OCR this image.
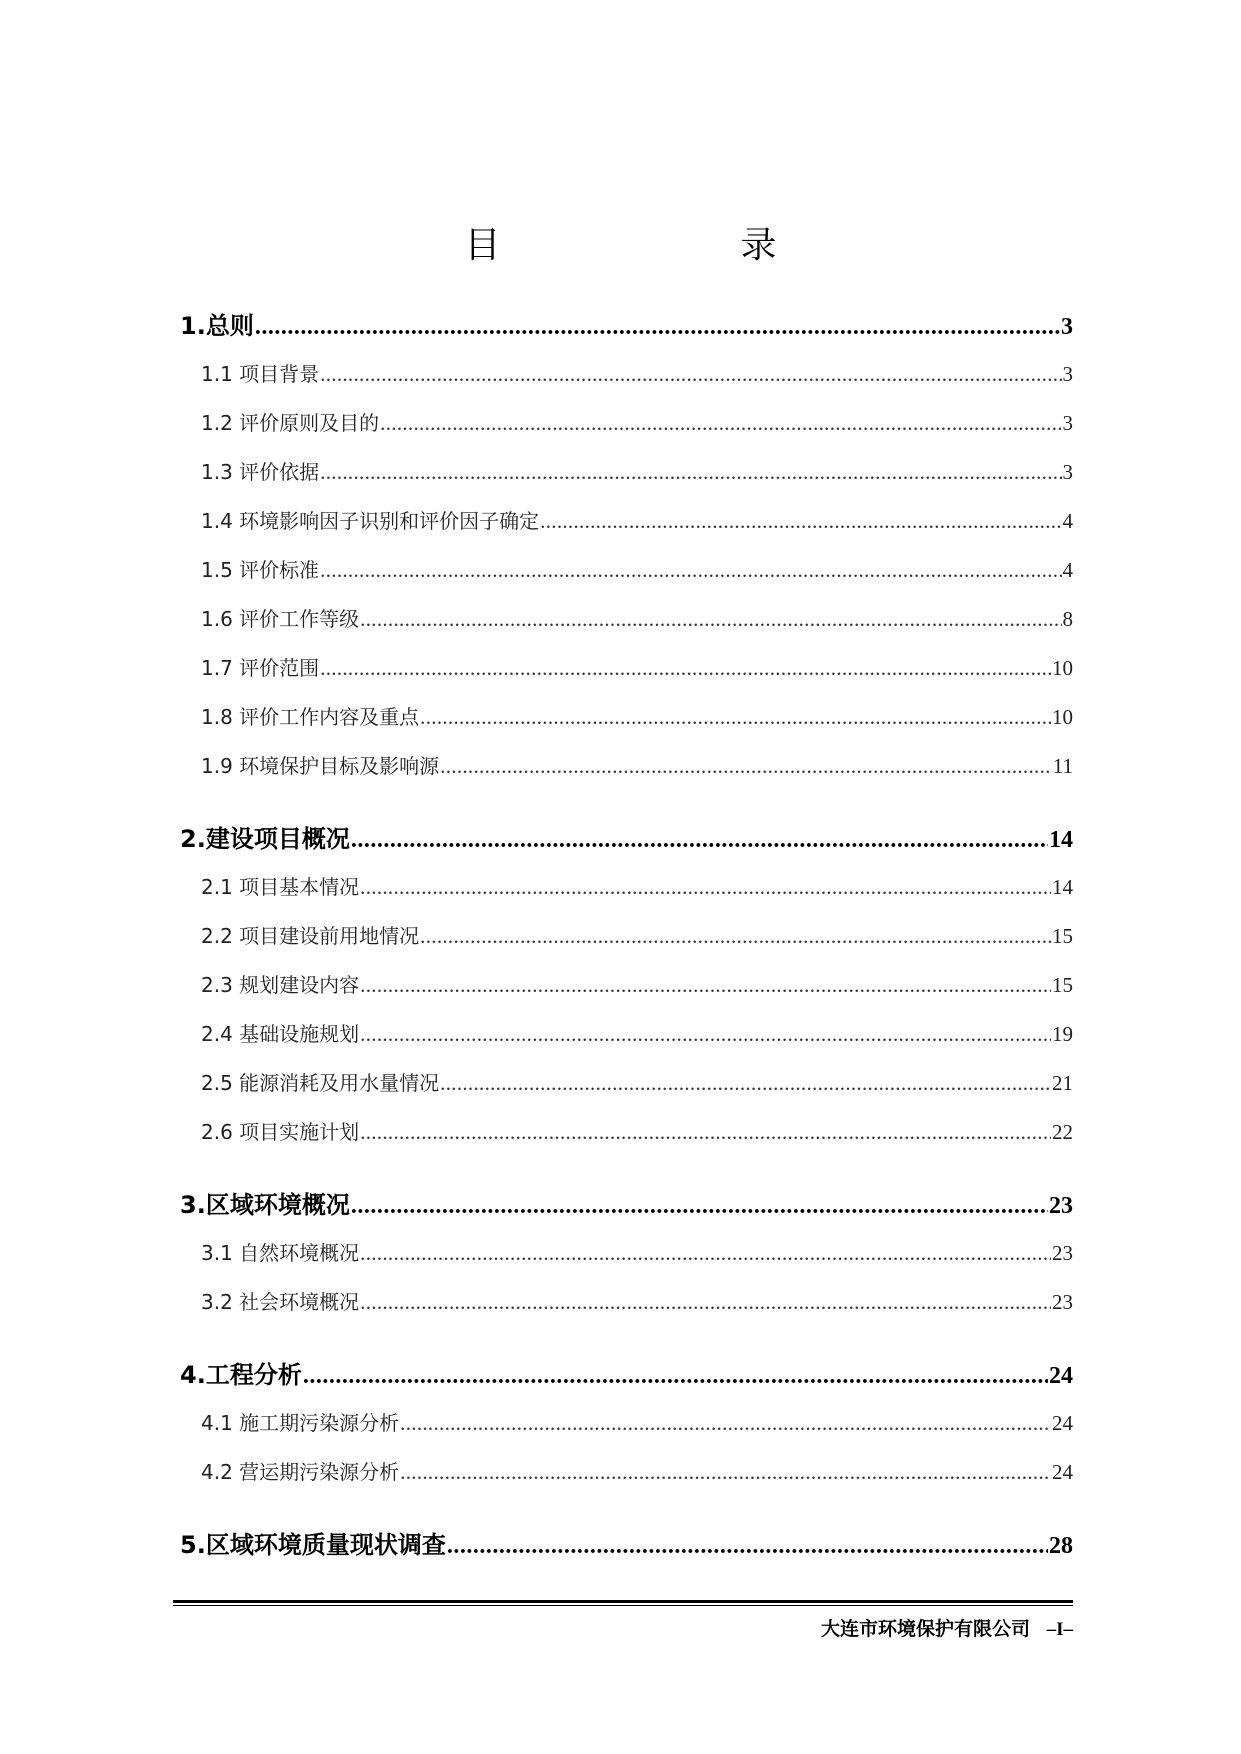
目　　录
1.总则 .....	3
1.1 项目背景 .....	3
1.2 评价原则及目的 .....	3
1.3 评价依据 .....	3
1.4 环境影响因子识别和评价因子确定 .....	4
1.5 评价标准 .....	4
1.6 评价工作等级 .....	8
1.7 评价范围 .....	10
1.8 评价工作内容及重点 .....	10
1.9 环境保护目标及影响源 .....	11
2.建设项目概况 .....	14
2.1 项目基本情况 .....	14
2.2 项目建设前用地情况 .....	15
2.3 规划建设内容 .....	15
2.4 基础设施规划 .....	19
2.5 能源消耗及用水量情况 .....	21
2.6 项目实施计划 .....	22
3.区域环境概况 .....	23
3.1 自然环境概况 .....	23
3.2 社会环境概况 .....	23
4.工程分析 .....	24
4.1 施工期污染源分析 .....	24
4.2 营运期污染源分析 .....	24
5.区域环境质量现状调查 .....	28
大连市环境保护有限公司 –I–
